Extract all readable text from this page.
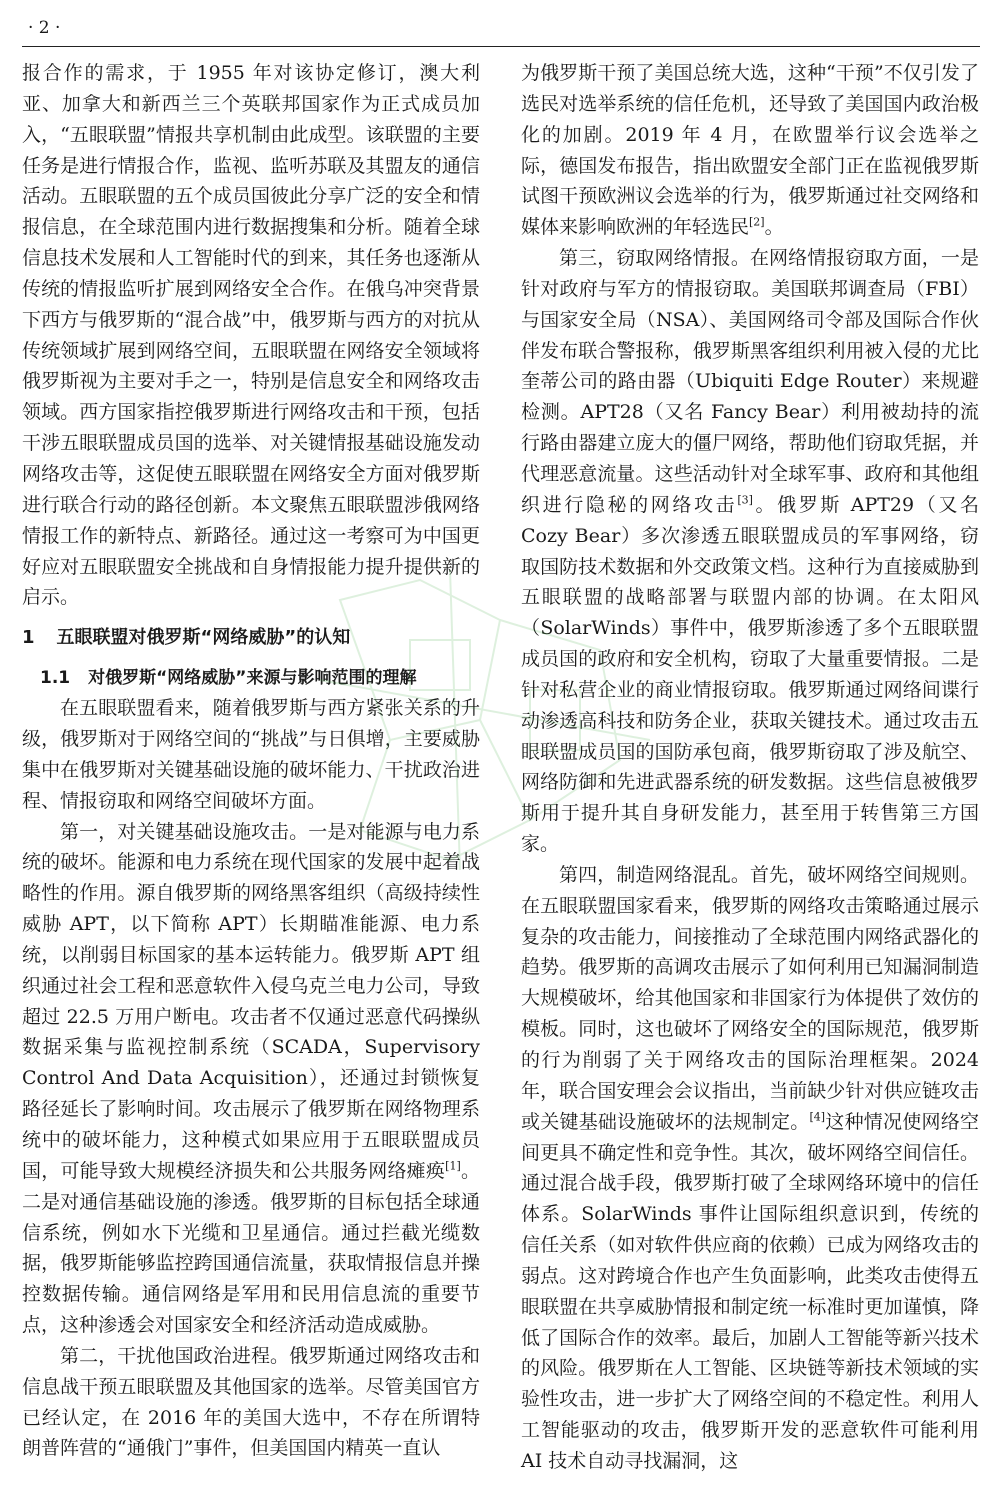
· 2 ·

报合作的需求，于 1955 年对该协定修订，澳大利亚、加拿大和新西兰三个英联邦国家作为正式成员加入，“五眼联盟”情报共享机制由此成型。该联盟的主要任务是进行情报合作，监视、监听苏联及其盟友的通信活动。五眼联盟的五个成员国彼此分享广泛的安全和情报信息，在全球范围内进行数据搜集和分析。随着全球信息技术发展和人工智能时代的到来，其任务也逐渐从传统的情报监听扩展到网络安全合作。在俄乌冲突背景下西方与俄罗斯的“混合战”中，俄罗斯与西方的对抗从传统领域扩展到网络空间，五眼联盟在网络安全领域将俄罗斯视为主要对手之一，特别是信息安全和网络攻击领域。西方国家指控俄罗斯进行网络攻击和干预，包括干涉五眼联盟成员国的选举、对关键情报基础设施发动网络攻击等，这促使五眼联盟在网络安全方面对俄罗斯进行联合行动的路径创新。本文聚焦五眼联盟涉俄网络情报工作的新特点、新路径。通过这一考察可为中国更好应对五眼联盟安全挑战和自身情报能力提升提供新的启示。

1 五眼联盟对俄罗斯“网络威胁”的认知

1.1 对俄罗斯“网络威胁”来源与影响范围的理解

在五眼联盟看来，随着俄罗斯与西方紧张关系的升级，俄罗斯对于网络空间的“挑战”与日俱增，主要威胁集中在俄罗斯对关键基础设施的破坏能力、干扰政治进程、情报窃取和网络空间破坏方面。

第一，对关键基础设施攻击。一是对能源与电力系统的破坏。能源和电力系统在现代国家的发展中起着战略性的作用。源自俄罗斯的网络黑客组织（高级持续性威胁 APT，以下简称 APT）长期瞄准能源、电力系统，以削弱目标国家的基本运转能力。俄罗斯 APT 组织通过社会工程和恶意软件入侵乌克兰电力公司，导致超过 22.5 万用户断电。攻击者不仅通过恶意代码操纵数据采集与监视控制系统（SCADA，Supervisory Control And Data Acquisition），还通过封锁恢复路径延长了影响时间。攻击展示了俄罗斯在网络物理系统中的破坏能力，这种模式如果应用于五眼联盟成员国，可能导致大规模经济损失和公共服务网络瘫痪[1]。二是对通信基础设施的渗透。俄罗斯的目标包括全球通信系统，例如水下光缆和卫星通信。通过拦截光缆数据，俄罗斯能够监控跨国通信流量，获取情报信息并操控数据传输。通信网络是军用和民用信息流的重要节点，这种渗透会对国家安全和经济活动造成威胁。

第二，干扰他国政治进程。俄罗斯通过网络攻击和信息战干预五眼联盟及其他国家的选举。尽管美国官方已经认定，在 2016 年的美国大选中，不存在所谓特朗普阵营的“通俄门”事件，但美国国内精英一直认

为俄罗斯干预了美国总统大选，这种“干预”不仅引发了选民对选举系统的信任危机，还导致了美国国内政治极化的加剧。2019 年 4 月，在欧盟举行议会选举之际，德国发布报告，指出欧盟安全部门正在监视俄罗斯试图干预欧洲议会选举的行为，俄罗斯通过社交网络和媒体来影响欧洲的年轻选民[2]。

第三，窃取网络情报。在网络情报窃取方面，一是针对政府与军方的情报窃取。美国联邦调查局（FBI）与国家安全局（NSA）、美国网络司令部及国际合作伙伴发布联合警报称，俄罗斯黑客组织利用被入侵的尤比奎蒂公司的路由器（Ubiquiti Edge Router）来规避检测。APT28（又名 Fancy Bear）利用被劫持的流行路由器建立庞大的僵尸网络，帮助他们窃取凭据，并代理恶意流量。这些活动针对全球军事、政府和其他组织进行隐秘的网络攻击[3]。俄罗斯 APT29（又名 Cozy Bear）多次渗透五眼联盟成员的军事网络，窃取国防技术数据和外交政策文档。这种行为直接威胁到五眼联盟的战略部署与联盟内部的协调。在太阳风（SolarWinds）事件中，俄罗斯渗透了多个五眼联盟成员国的政府和安全机构，窃取了大量重要情报。二是针对私营企业的商业情报窃取。俄罗斯通过网络间谍行动渗透高科技和防务企业，获取关键技术。通过攻击五眼联盟成员国的国防承包商，俄罗斯窃取了涉及航空、网络防御和先进武器系统的研发数据。这些信息被俄罗斯用于提升其自身研发能力，甚至用于转售第三方国家。

第四，制造网络混乱。首先，破坏网络空间规则。在五眼联盟国家看来，俄罗斯的网络攻击策略通过展示复杂的攻击能力，间接推动了全球范围内网络武器化的趋势。俄罗斯的高调攻击展示了如何利用已知漏洞制造大规模破坏，给其他国家和非国家行为体提供了效仿的模板。同时，这也破坏了网络安全的国际规范，俄罗斯的行为削弱了关于网络攻击的国际治理框架。2024 年，联合国安理会会议指出，当前缺少针对供应链攻击或关键基础设施破坏的法规制定。[4]这种情况使网络空间更具不确定性和竞争性。其次，破坏网络空间信任。通过混合战手段，俄罗斯打破了全球网络环境中的信任体系。SolarWinds 事件让国际组织意识到，传统的信任关系（如对软件供应商的依赖）已成为网络攻击的弱点。这对跨境合作也产生负面影响，此类攻击使得五眼联盟在共享威胁情报和制定统一标准时更加谨慎，降低了国际合作的效率。最后，加剧人工智能等新兴技术的风险。俄罗斯在人工智能、区块链等新技术领域的实验性攻击，进一步扩大了网络空间的不稳定性。利用人工智能驱动的攻击，俄罗斯开发的恶意软件可能利用 AI 技术自动寻找漏洞，这
